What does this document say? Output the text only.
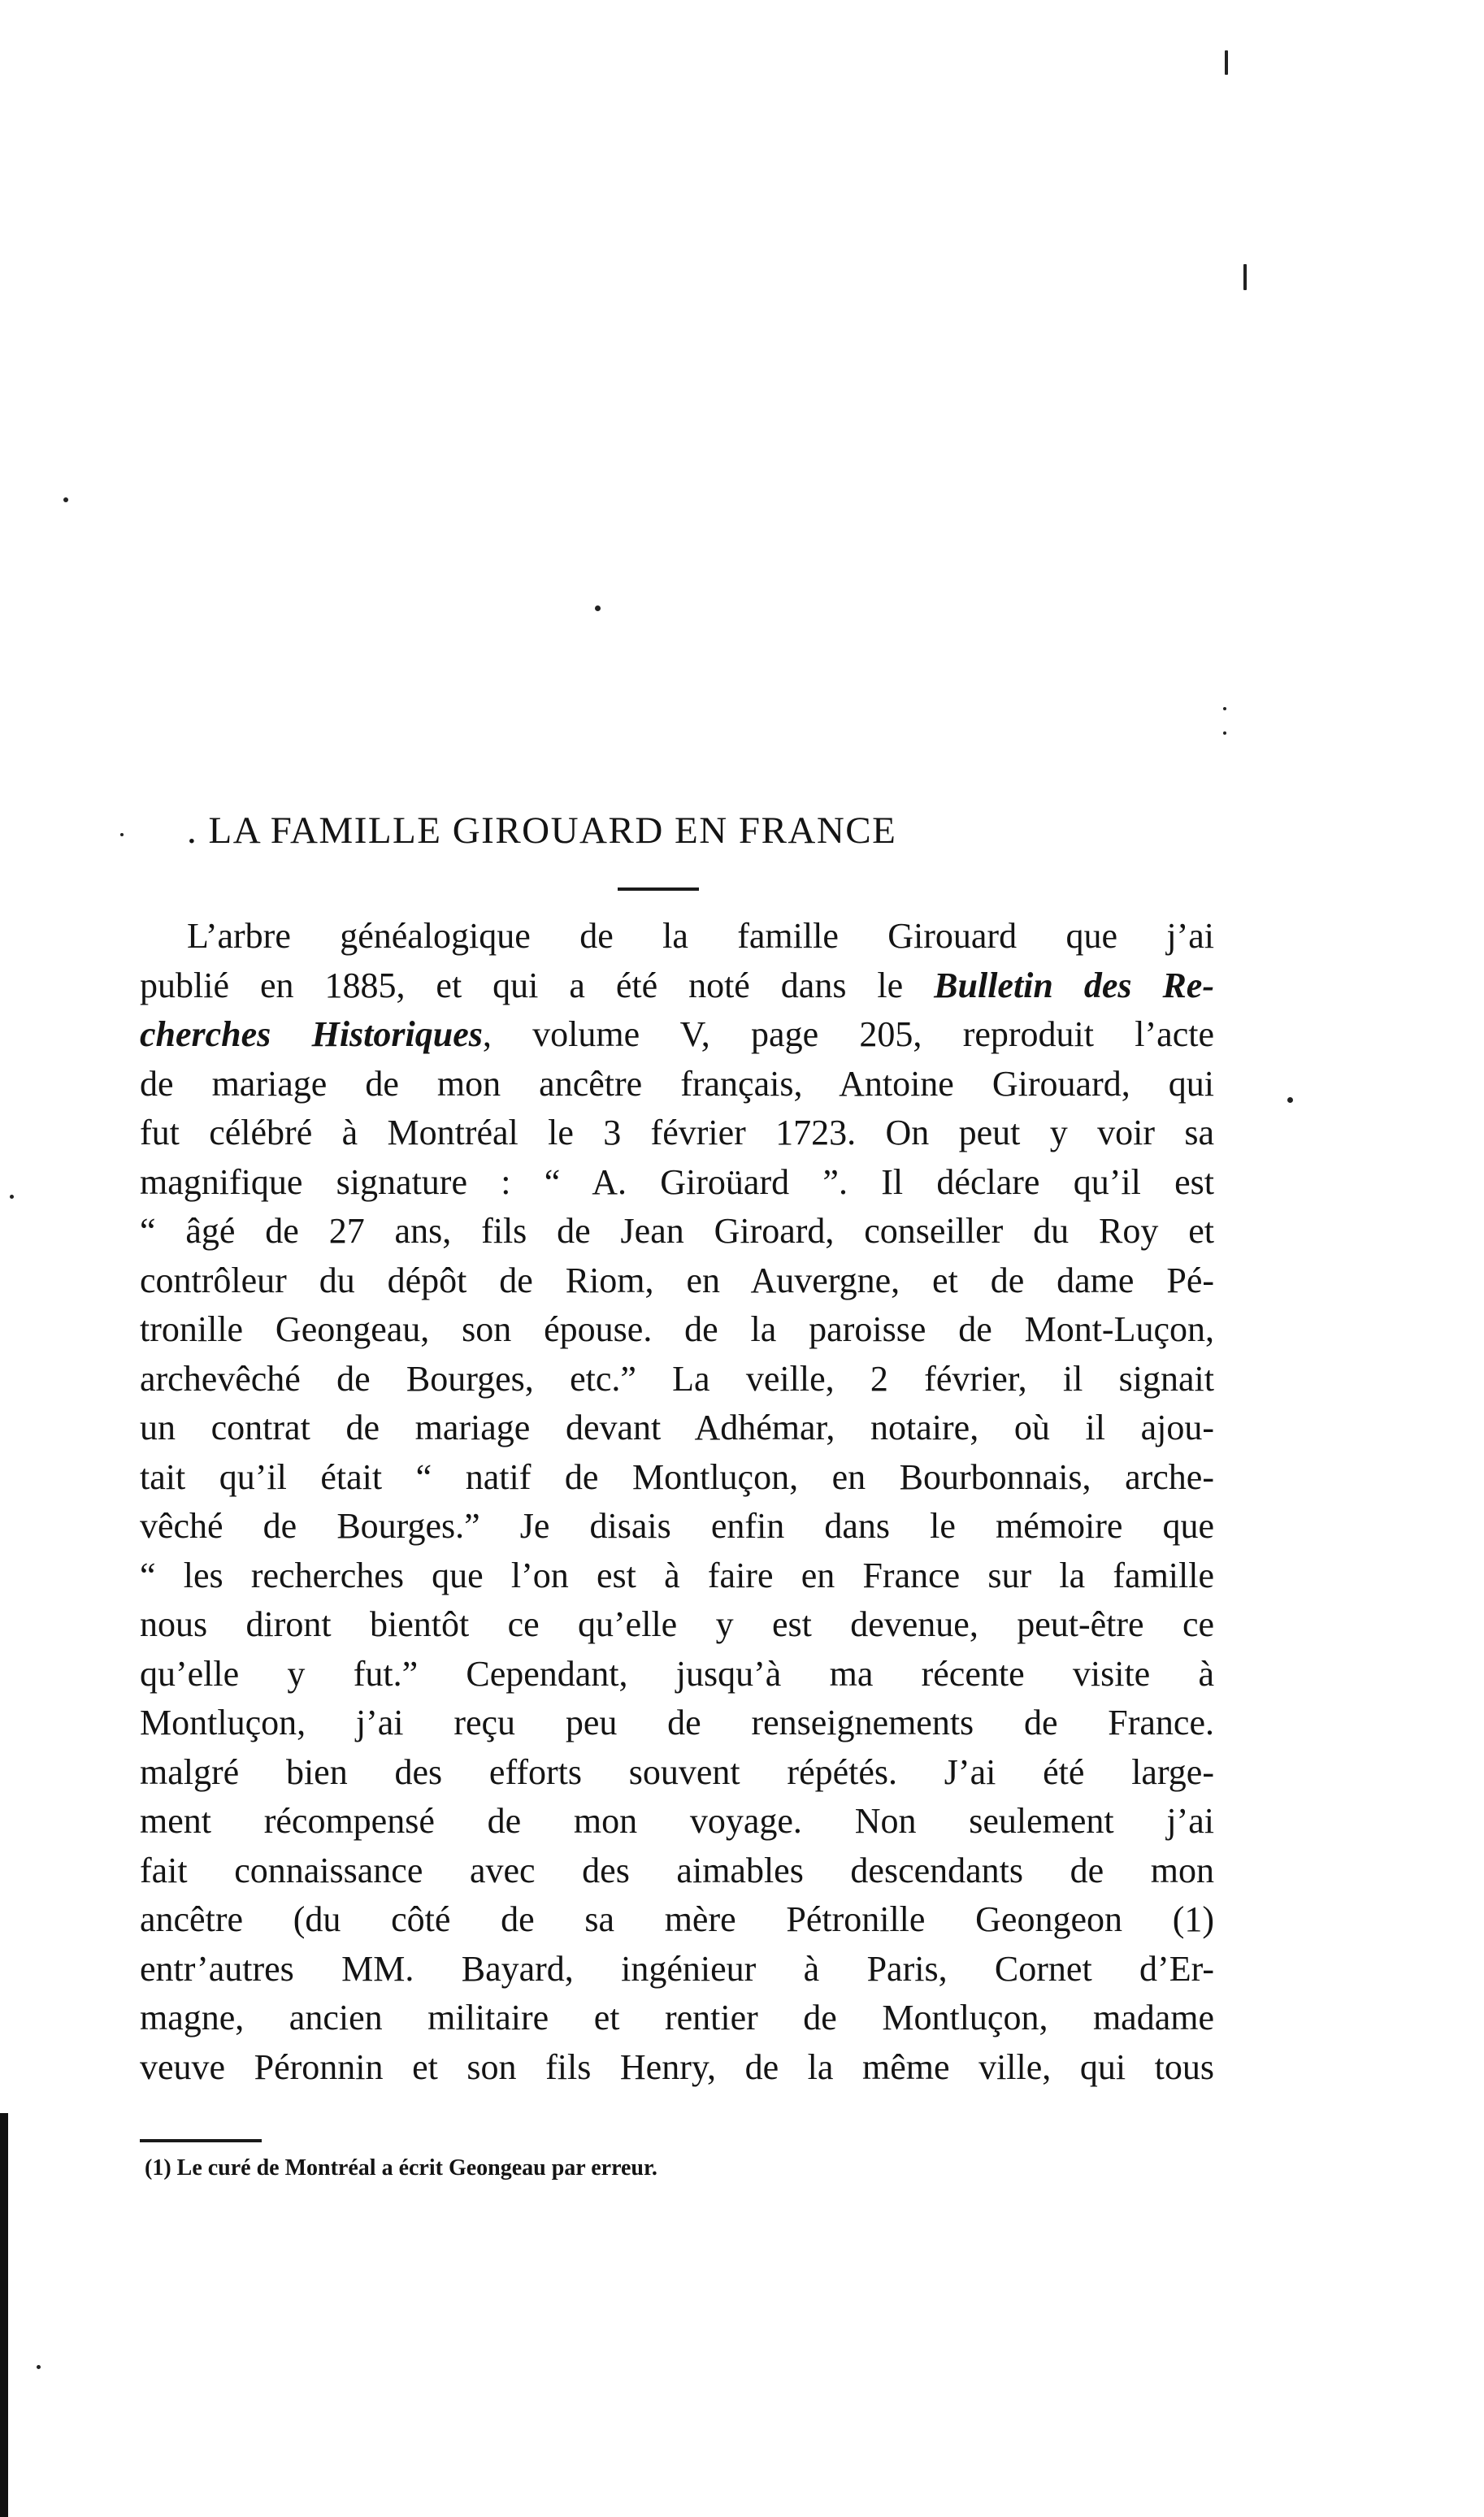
. LA FAMILLE GIROUARD EN FRANCE
L’arbre généalogique de la famille Girouard que j’ai
publié en 1885, et qui a été noté dans le Bulletin des Re-
cherches Historiques, volume V, page 205, reproduit l’acte
de mariage de mon ancêtre français, Antoine Girouard, qui
fut célébré à Montréal le 3 février 1723. On peut y voir sa
magnifique signature : “ A. Giroüard ”. Il déclare qu’il est
“ âgé de 27 ans, fils de Jean Giroard, conseiller du Roy et
contrôleur du dépôt de Riom, en Auvergne, et de dame Pé-
tronille Geongeau, son épouse. de la paroisse de Mont-Luçon,
archevêché de Bourges, etc.” La veille, 2 février, il signait
un contrat de mariage devant Adhémar, notaire, où il ajou-
tait qu’il était “ natif de Montluçon, en Bourbonnais, arche-
vêché de Bourges.” Je disais enfin dans le mémoire que
“ les recherches que l’on est à faire en France sur la famille
nous diront bientôt ce qu’elle y est devenue, peut-être ce
qu’elle y fut.” Cependant, jusqu’à ma récente visite à
Montluçon, j’ai reçu peu de renseignements de France.
malgré bien des efforts souvent répétés. J’ai été large-
ment récompensé de mon voyage. Non seulement j’ai
fait connaissance avec des aimables descendants de mon
ancêtre (du côté de sa mère Pétronille Geongeon (1)
entr’autres MM. Bayard, ingénieur à Paris, Cornet d’Er-
magne, ancien militaire et rentier de Montluçon, madame
veuve Péronnin et son fils Henry, de la même ville, qui tous

(1) Le curé de Montréal a écrit Geongeau par erreur.
